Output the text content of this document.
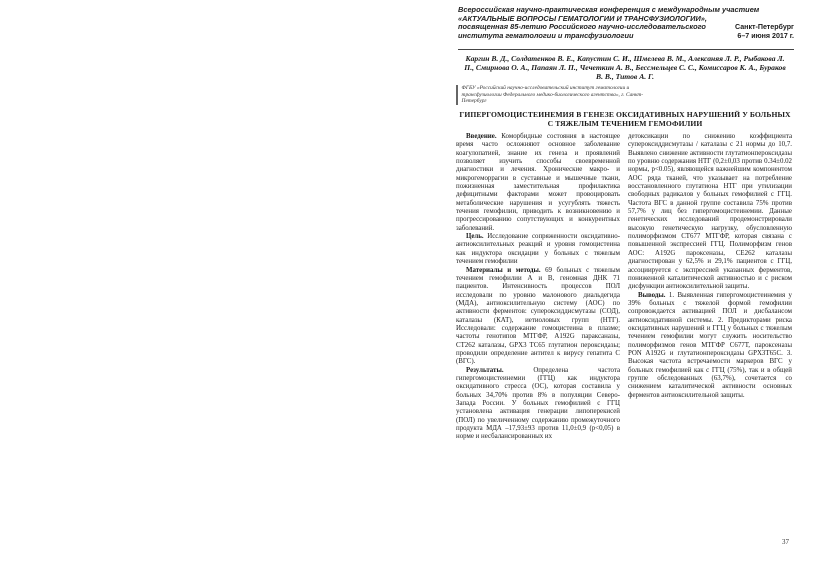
Всероссийская научно-практическая конференция с международным участием
«АКТУАЛЬНЫЕ ВОПРОСЫ ГЕМАТОЛОГИИ И ТРАНСФУЗИОЛОГИИ»,
посвященная 85-летию Российского научно-исследовательского
института гематологии и трансфузиологии
Санкт-Петербург
6–7 июня 2017 г.
Каргин В. Д., Солдатенков В. Е., Капустин С. И., Шмелева В. М., Алексаняя Л. Р., Рыбакова Л. П., Смирнова О. А., Папаян Л. П., Чечеткин А. В., Бессмельцев С. С., Комиссаров К. А., Бураков В. В., Титов А. Г.
ФГБУ «Российский научно-исследовательский институт гематологии и трансфузиологии Федерального медико-биологического агентства», г. Санкт-Петербург
ГИПЕРГОМОЦИСТЕИНЕМИЯ В ГЕНЕЗЕ ОКСИДАТИВНЫХ НАРУШЕНИЙ У БОЛЬНЫХ С ТЯЖЕЛЫМ ТЕЧЕНИЕМ ГЕМОФИЛИИ

Введение. Коморбидные состояния в настоящее время часто осложняют основное заболевание коагулопатией, знание их генеза и проявлений позволяет изучить способы своевременной диагностики и лечения. Хронические макро- и микрогеморрагии в суставные и мышечные ткани, пожизненная заместительная профилактика дефицитными факторами может провоцировать метаболические нарушения и усугублять тяжесть течения гемофилии, приводить к возникновению и прогрессированию сопутствующих и конкурентных заболеваний.

Цель. Исследование сопряженности оксидативно-антиоксилительных реакций и уровня гомоцистеина как индуктора оксидации у больных с тяжелым течением гемофилии

Материалы и методы. 69 больных с тяжелым течением гемофилии А и В, геномная ДНК 71 пациентов. Интенсивность процессов ПОЛ исследовали по уровню малонового диальдегида (МДА), антиоксилительную систему (АОС) по активности ферментов: супероксиддисмутазы (СОД), каталазы (КАТ), иетиоловых групп (НТГ). Исследовали: содержание гомоцистеина в плазме; частоты генотипов МТГФР, A192G параксаназы, СТ262 каталазы, GPX3 TC65 глутатион пероксидазы; проводили определение антител к вирусу гепатита С (ВГС).

Результаты. Определена частота гипергомоцистеинемии (ГГЦ) как индуктора оксидативного стресса (ОС), которая составила у больных 34,70% против 8% в популяции Северо-Запада России. У больных гемофилией с ГГЦ установлена активация генерации липоперекисей (ПОЛ) по увеличенному содержанию промежуточного продукта МДА –17,93±93 против 11,0±0,9 (р<0,05) в норме и несбалансированных их

детоксикации по снижению коэффициента супероксиддисмутазы / каталазы с 21 нормы до 10,7. Выявлено снижение активности глутатионпероксидазы по уровню содержания НТГ (0,2±0,03 против 0.34±0.02 нормы, р<0.05), являющейся важнейшим компонентом АОС ряда тканей, что указывает на потребление восстановленного глутатиона НТГ при утилизации свободных радикалов у больных гемофилией с ГГЦ. Частота ВГС в данной группе составила 75% против 57,7% у лиц без гипергомоцистеинемии. Данные генетических исследований продемонстрировали высокую генетическую нагрузку, обусловленную полиморфизмом СТ677 МТГФР, которая связана с повышенной экспрессией ГГЦ. Полиморфизм генов АОС: A192G пароксеназы, CE262 каталазы диагностирован у 62,5% и 29,1% пациентов с ГГЦ, ассоциируется с экспрессией указанных ферментов, пониженной каталитической активностью и с риском дисфункции антиоксилительной защиты.

Выводы. 1. Выявленная гипергомоцистеинемия у 39% больных с тяжелой формой гемофилии сопровождается активацией ПОЛ и дисбалансом антиоксидативной системы. 2. Предикторами риска оксидативных нарушений и ГГЦ у больных с тяжелым течением гемофилии могут служить носительство полиморфизмов генов МТГФР С677Т, пароксеназы PON A192G и глутатионпероксидазы GPX3T65C. 3. Высокая частота встречаемости маркеров ВГС у больных гемофилией как с ГГЦ (75%), так и в общей группе обследованных (63,7%), сочетается со снижением каталитической активности основных ферментов антиоксилительной защиты.

37
